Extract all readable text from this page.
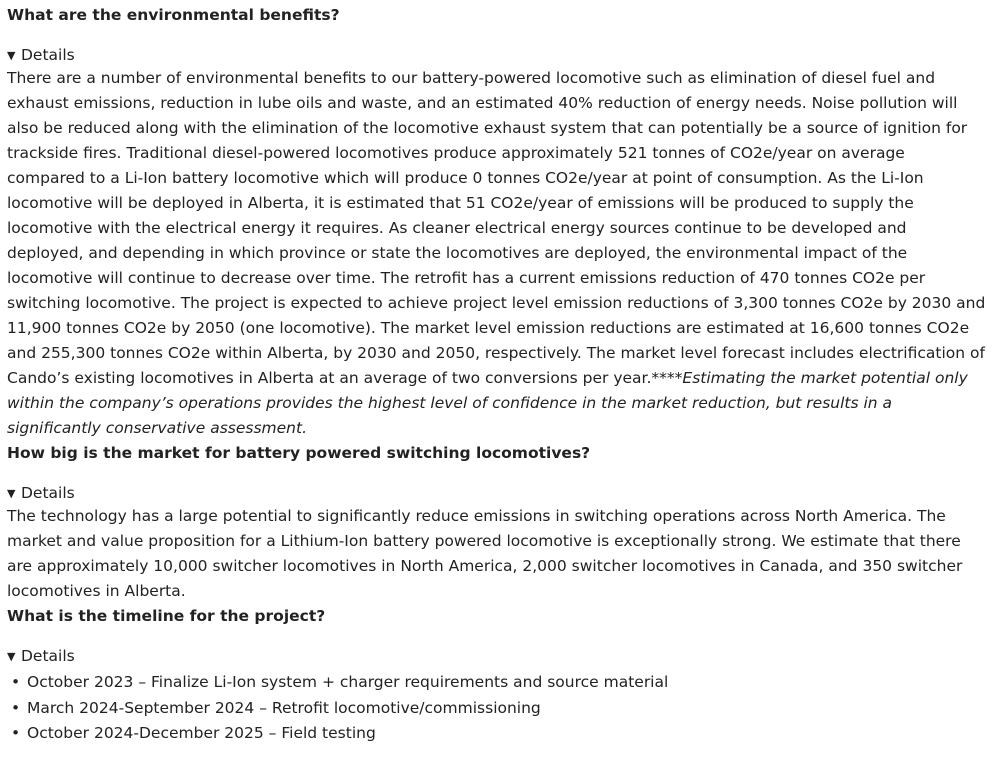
What are the environmental benefits?

▼ Details

There are a number of environmental benefits to our battery-powered locomotive such as elimination of diesel fuel and exhaust emissions, reduction in lube oils and waste, and an estimated 40% reduction of energy needs. Noise pollution will also be reduced along with the elimination of the locomotive exhaust system that can potentially be a source of ignition for trackside fires. Traditional diesel-powered locomotives produce approximately 521 tonnes of CO2e/year on average compared to a Li-Ion battery locomotive which will produce 0 tonnes CO2e/year at point of consumption. As the Li-Ion locomotive will be deployed in Alberta, it is estimated that 51 CO2e/year of emissions will be produced to supply the locomotive with the electrical energy it requires. As cleaner electrical energy sources continue to be developed and deployed, and depending in which province or state the locomotives are deployed, the environmental impact of the locomotive will continue to decrease over time. The retrofit has a current emissions reduction of 470 tonnes CO2e per switching locomotive. The project is expected to achieve project level emission reductions of 3,300 tonnes CO2e by 2030 and 11,900 tonnes CO2e by 2050 (one locomotive). The market level emission reductions are estimated at 16,600 tonnes CO2e and 255,300 tonnes CO2e within Alberta, by 2030 and 2050, respectively. The market level forecast includes electrification of Cando’s existing locomotives in Alberta at an average of two conversions per year.****Estimating the market potential only within the company’s operations provides the highest level of confidence in the market reduction, but results in a significantly conservative assessment.

How big is the market for battery powered switching locomotives?

▼ Details

The technology has a large potential to significantly reduce emissions in switching operations across North America. The market and value proposition for a Lithium-Ion battery powered locomotive is exceptionally strong. We estimate that there are approximately 10,000 switcher locomotives in North America, 2,000 switcher locomotives in Canada, and 350 switcher locomotives in Alberta.

What is the timeline for the project?

▼ Details
• October 2023 – Finalize Li-Ion system + charger requirements and source material
• March 2024-September 2024 – Retrofit locomotive/commissioning
• October 2024-December 2025 – Field testing
